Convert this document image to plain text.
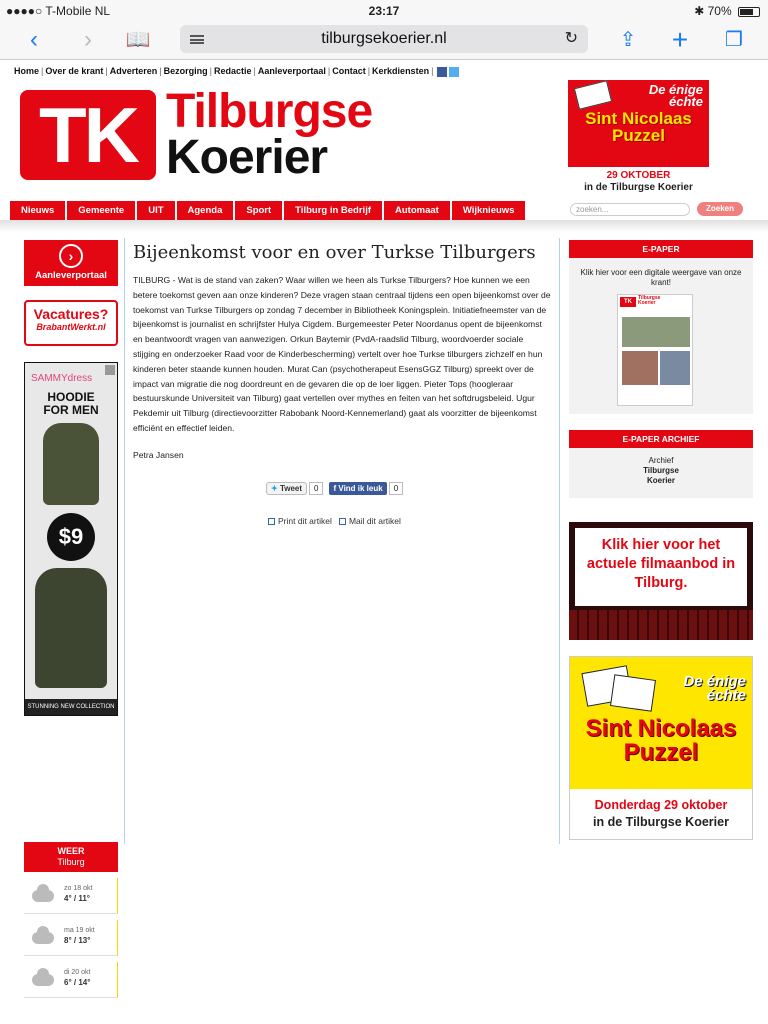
●●●●○ T-Mobile NL	23:17	✱ 70%
‹	›	📖	tilburgsekoerier.nl	↻ ⇪ + ❐
Home | Over de krant | Adverteren | Bezorging | Redactie | Aanleverportaal | Contact | Kerkdiensten |
TK Tilburgse
Koerier
De énige échte
Sint Nicolaas Puzzel
29 OKTOBER
in de Tilburgse Koerier
Nieuws	Gemeente	UIT	Agenda	Sport	Tilburg in Bedrijf	Automaat	Wijknieuws	zoeken...	Zoeken
›
Aanleverportaal
Vacatures?
BrabantWerkt.nl
SAMMYdress
HOODIE FOR MEN
$9
STUNNING NEW COLLECTION
WEER
Tilburg
zo 18 okt
4° / 11°
ma 19 okt
8° / 13°
di 20 okt
6° / 14°
Bijeenkomst voor en over Turkse Tilburgers

TILBURG - Wat is de stand van zaken? Waar willen we heen als Turkse Tilburgers? Hoe kunnen we een betere toekomst geven aan onze kinderen? Deze vragen staan centraal tijdens een open bijeenkomst over de toekomst van Turkse Tilburgers op zondag 7 december in Bibliotheek Koningsplein. Initiatiefneemster van de bijeenkomst is journalist en schrijfster Hulya Cigdem. Burgemeester Peter Noordanus opent de bijeenkomst en beantwoordt vragen van aanwezigen. Orkun Baytemir (PvdA-raadslid Tilburg, woordvoerder sociale stijging en onderzoeker Raad voor de Kinderbescherming) vertelt over hoe Turkse tilburgers zichzelf en hun kinderen beter staande kunnen houden. Murat Can (psychotherapeut EsensGGZ Tilburg) spreekt over de impact van migratie die nog doordreunt en de gevaren die op de loer liggen. Pieter Tops (hoogleraar bestuurskunde Universiteit van Tilburg) gaat vertellen over mythes en feiten van het softdrugsbeleid. Ugur Pekdemir uit Tilburg (directievoorzitter Rabobank Noord-Kennemerland) gaat als voorzitter de bijeenkomst efficiënt en effectief leiden.

Petra Jansen

✦ Tweet	0	f Vind ik leuk	0
Print dit artikel Mail dit artikel
E-PAPER
Klik hier voor een digitale weergave van onze krant!
TK
Tilburgse
Koerier
E-PAPER ARCHIEF
Archief
Tilburgse
Koerier
Klik hier voor het actuele filmaanbod in Tilburg.
De énige échte
Sint Nicolaas Puzzel
Donderdag 29 oktober
in de Tilburgse Koerier
